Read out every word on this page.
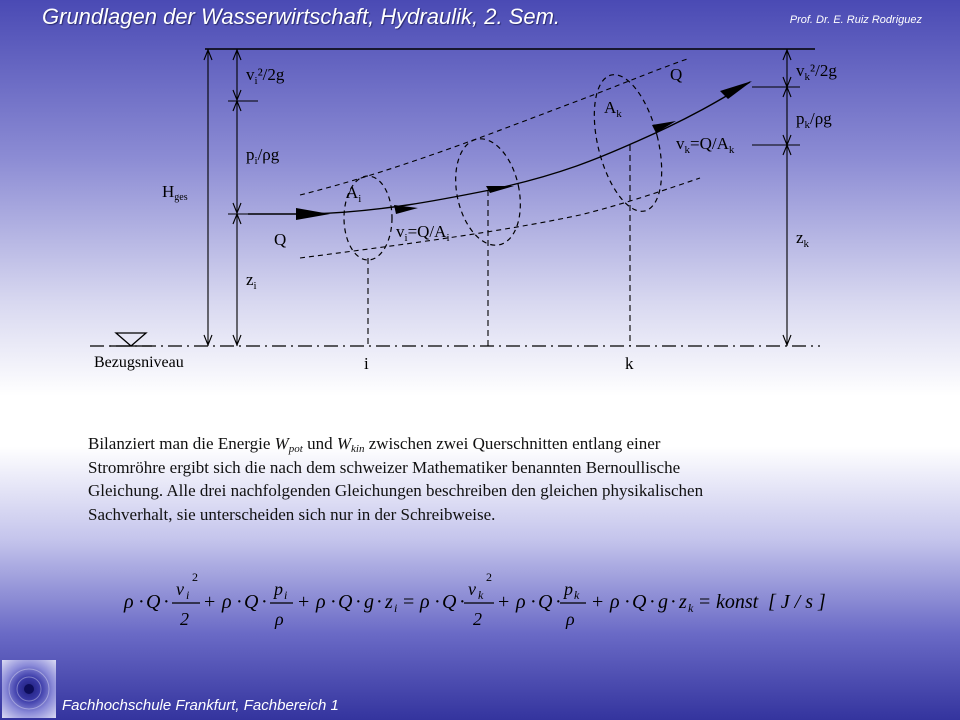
Grundlagen der Wasserwirtschaft, Hydraulik, 2. Sem.	Prof. Dr. E. Ruiz Rodriguez
$v_i^2/2g$
$p_i/\rho g$
Hges
$z_i$
Q
$A_i$
$v_i=Q/A_i$
$A_k$
Q
$v_k=Q/A_k$
$v_k^2/2g$
$p_k/\rho g$
$z_k$
Bezugsniveau	i	k
Bilanziert man die Energie $W_{pot}$ und $W_{kin}$ zwischen zwei Querschnitten entlang einer
Stromröhre ergibt sich die nach dem schweizer Mathematiker benannten Bernoullische
Gleichung. Alle drei nachfolgenden Gleichungen beschreiben den gleichen physikalischen
Sachverhalt, sie unterscheiden sich nur in der Schreibweise.
ρ · Q ·
v i
2
2
+ ρ · Q ·
p i
ρ
+ ρ · Q · g · z i = ρ · Q ·
v k
2
2
+ ρ · Q ·
p k
ρ
+ ρ · Q · g · z k = konst [ J / s ]
Fachhochschule Frankfurt, Fachbereich 1
